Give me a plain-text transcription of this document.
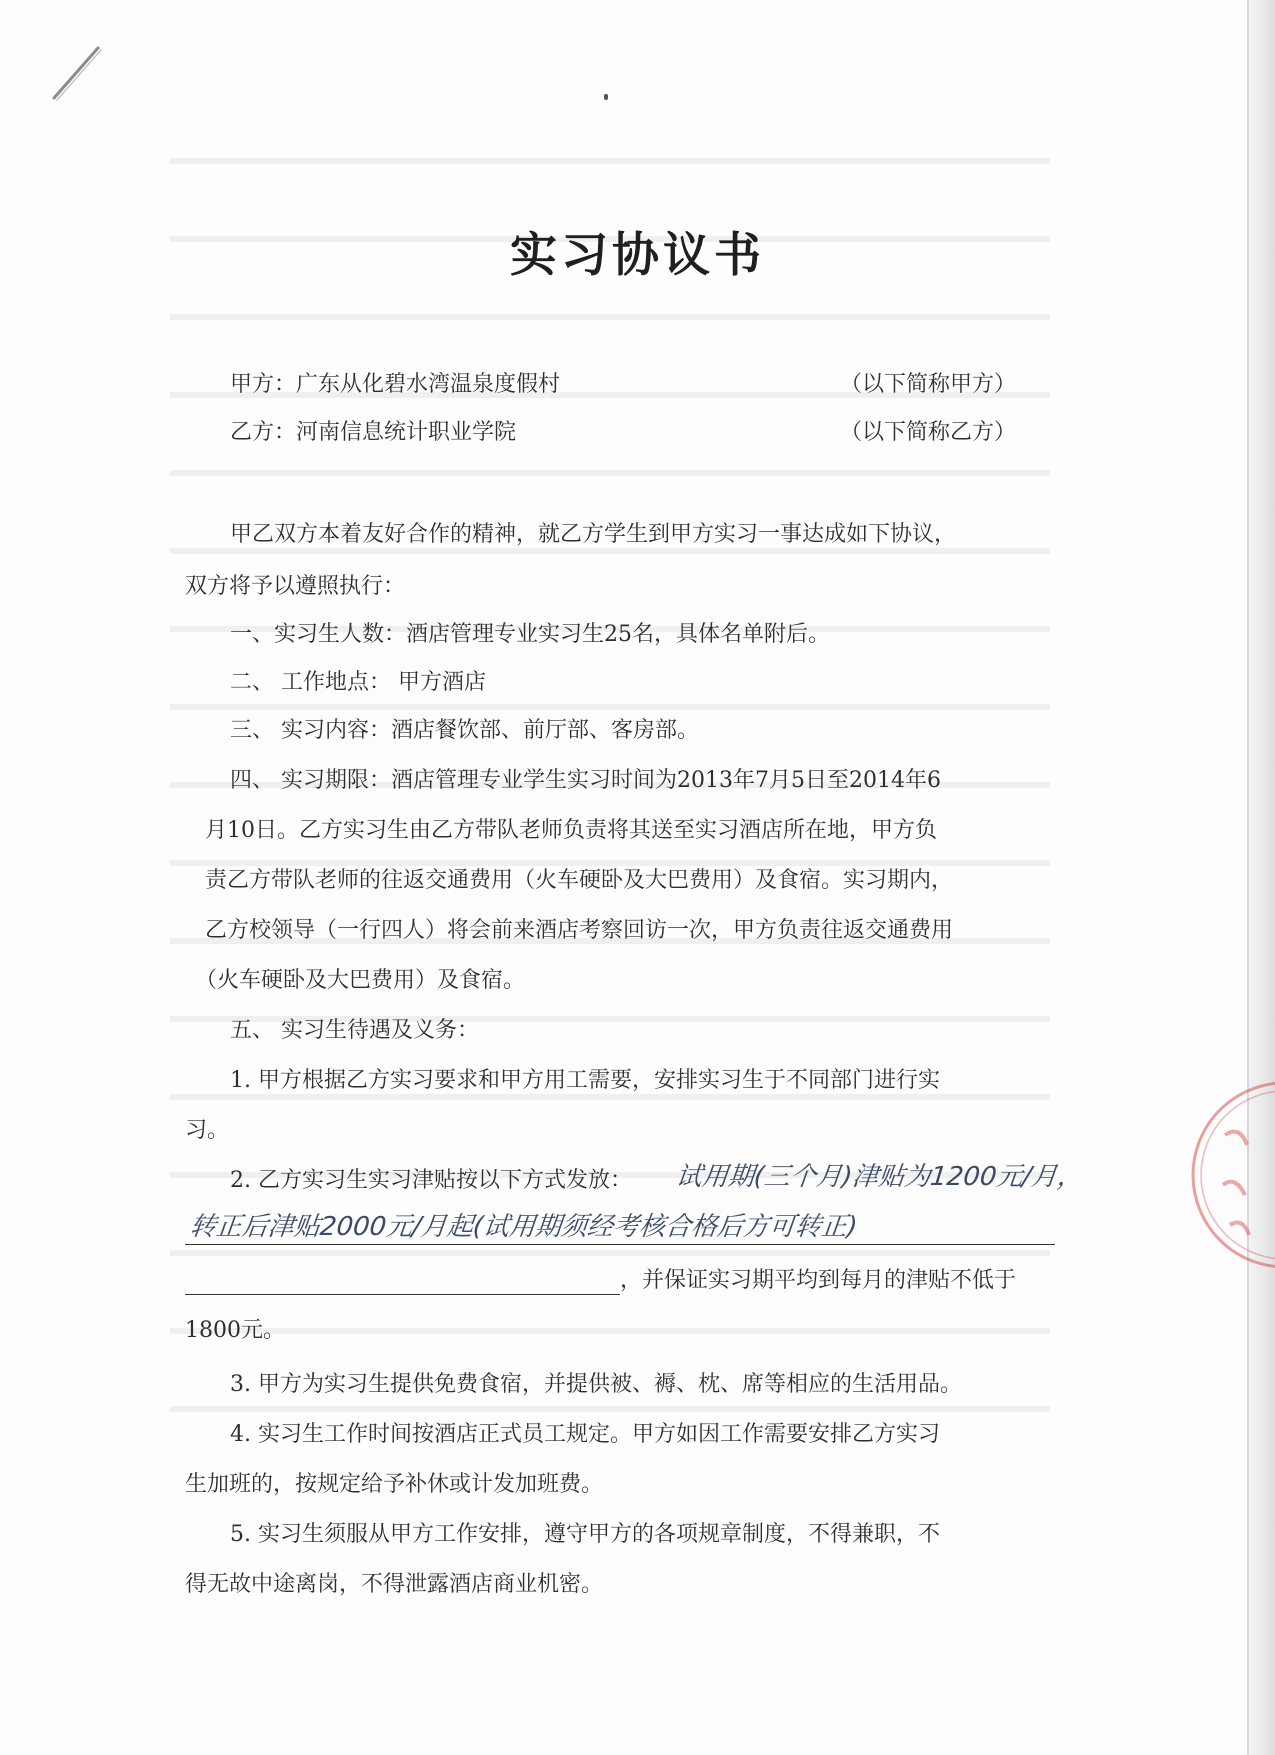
实习协议书
甲方：广东从化碧水湾温泉度假村	（以下简称甲方）
乙方：河南信息统计职业学院	（以下简称乙方）
甲乙双方本着友好合作的精神，就乙方学生到甲方实习一事达成如下协议，
双方将予以遵照执行：
一、实习生人数：酒店管理专业实习生25名，具体名单附后。
二、 工作地点： 甲方酒店
三、 实习内容：酒店餐饮部、前厅部、客房部。
四、 实习期限：酒店管理专业学生实习时间为2013年7月5日至2014年6
月10日。乙方实习生由乙方带队老师负责将其送至实习酒店所在地，甲方负
责乙方带队老师的往返交通费用（火车硬卧及大巴费用）及食宿。实习期内，
乙方校领导（一行四人）将会前来酒店考察回访一次，甲方负责往返交通费用
（火车硬卧及大巴费用）及食宿。
五、 实习生待遇及义务：
1. 甲方根据乙方实习要求和甲方用工需要，安排实习生于不同部门进行实
习。
2. 乙方实习生实习津贴按以下方式发放： 试用期(三个月)津贴为1200元/月，
转正后津贴2000元/月起(试用期须经考核合格后方可转正)
，并保证实习期平均到每月的津贴不低于
1800元。
3. 甲方为实习生提供免费食宿，并提供被、褥、枕、席等相应的生活用品。
4. 实习生工作时间按酒店正式员工规定。甲方如因工作需要安排乙方实习
生加班的，按规定给予补休或计发加班费。
5. 实习生须服从甲方工作安排，遵守甲方的各项规章制度，不得兼职，不
得无故中途离岗，不得泄露酒店商业机密。
